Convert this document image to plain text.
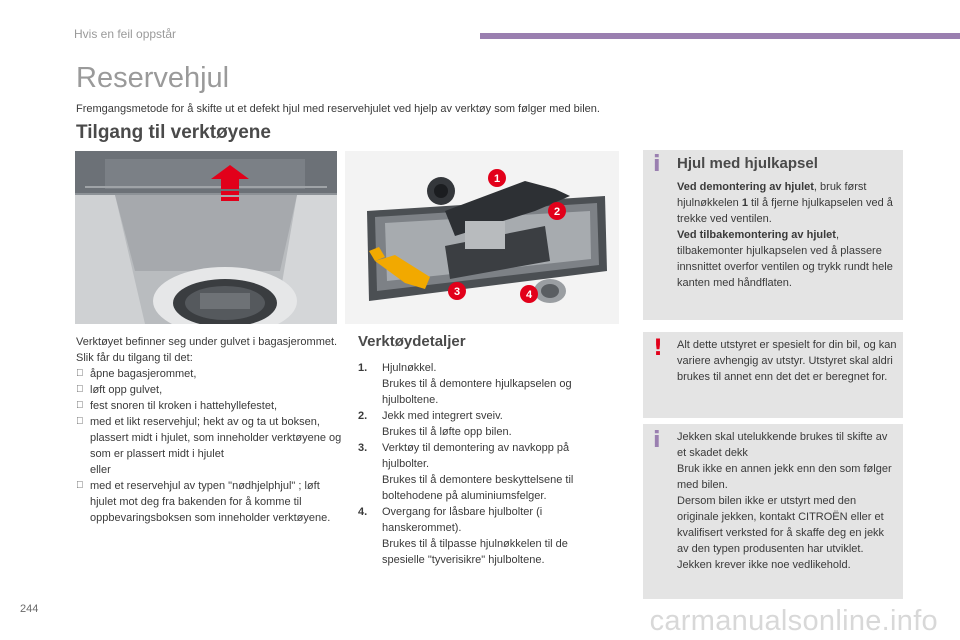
Hvis en feil oppstår
Reservehjul

Fremgangsmetode for å skifte ut et defekt hjul med reservehjulet ved hjelp av verktøy som følger med bilen.

Tilgang til verktøyene
1
2
3	4
Verktøyet befinner seg under gulvet i bagasjerommet.
Slik får du tilgang til det:
åpne bagasjerommet,
løft opp gulvet,
fest snoren til kroken i hattehyllefestet,
med et likt reservehjul; hekt av og ta ut boksen, plassert midt i hjulet, som inneholder verktøyene og som er plassert midt i hjulet
eller
med et reservehjul av typen "nødhjelphjul" ; løft hjulet mot deg fra bakenden for å komme til oppbevaringsboksen som inneholder verktøyene.
Verktøydetaljer
1. Hjulnøkkel.
Brukes til å demontere hjulkapselen og hjulboltene.
2. Jekk med integrert sveiv.
Brukes til å løfte opp bilen.
3. Verktøy til demontering av navkopp på hjulbolter.
Brukes til å demontere beskyttelsene til boltehodene på aluminiumsfelger.
4. Overgang for låsbare hjulbolter (i hanskerommet).
Brukes til å tilpasse hjulnøkkelen til de spesielle "tyverisikre" hjulboltene.
i Hjul med hjulkapsel
Ved demontering av hjulet, bruk først hjulnøkkelen 1 til å fjerne hjulkapselen ved å trekke ved ventilen.
Ved tilbakemontering av hjulet, tilbakemonter hjulkapselen ved å plassere innsnittet overfor ventilen og trykk rundt hele kanten med håndflaten.
! Alt dette utstyret er spesielt for din bil, og kan variere avhengig av utstyr. Utstyret skal aldri brukes til annet enn det det er beregnet for.
i Jekken skal utelukkende brukes til skifte av et skadet dekk
Bruk ikke en annen jekk enn den som følger med bilen.
Dersom bilen ikke er utstyrt med den originale jekken, kontakt CITROËN eller et kvalifisert verksted for å skaffe deg en jekk av den typen produsenten har utviklet.
Jekken krever ikke noe vedlikehold.
244	carmanualsonline.info
